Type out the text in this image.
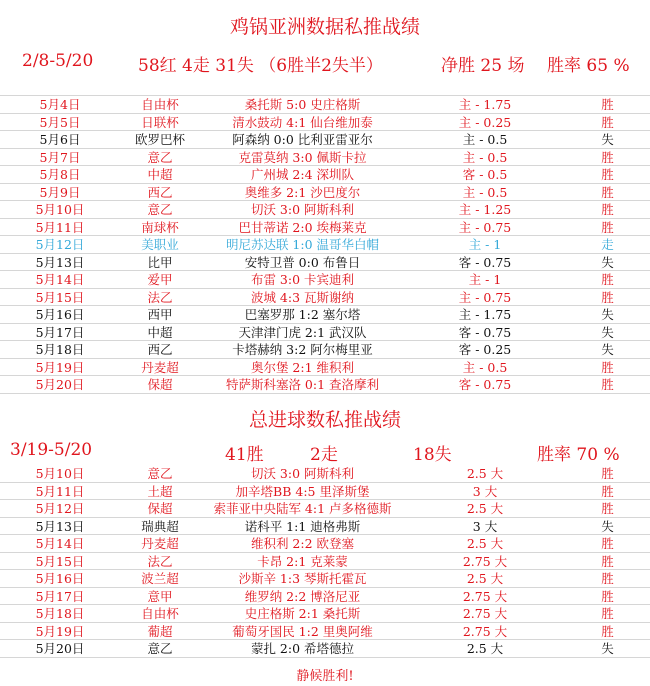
鸡锅亚洲数据私推战绩
2/8-5/20	58红 4走 31失 （6胜半2失半）	净胜 25 场 胜率 65 %
5月4日	自由杯	桑托斯 5:0 史庄格斯	主 - 1.75	胜
5月5日	日联杯	清水鼓动 4:1 仙台维加泰	主 - 0.25	胜
5月6日	欧罗巴杯	阿森纳 0:0 比利亚雷亚尔	主 - 0.5	失
5月7日	意乙	克雷莫纳 3:0 佩斯卡拉	主 - 0.5	胜
5月8日	中超	广州城 2:4 深圳队	客 - 0.5	胜
5月9日	西乙	奥维多 2:1 沙巴度尔	主 - 0.5	胜
5月10日	意乙	切沃 3:0 阿斯科利	主 - 1.25	胜
5月11日	南球杯	巴甘蒂诺 2:0 埃梅莱克	主 - 0.75	胜
5月12日	美职业	明尼苏达联 1:0 温哥华白帽	主 - 1	走
5月13日	比甲	安特卫普 0:0 布鲁日	客 - 0.75	失
5月14日	爱甲	布雷 3:0 卡宾迪利	主 - 1	胜
5月15日	法乙	波城 4:3 瓦斯谢纳	主 - 0.75	胜
5月16日	西甲	巴塞罗那 1:2 塞尔塔	主 - 1.75	失
5月17日	中超	天津津门虎 2:1 武汉队	客 - 0.75	失
5月18日	西乙	卡塔赫纳 3:2 阿尔梅里亚	客 - 0.25	失
5月19日	丹麦超	奥尔堡 2:1 维积利	主 - 0.5	胜
5月20日	保超	特萨斯科塞洛 0:1 查洛摩利	客 - 0.75	胜
总进球数私推战绩
3/19-5/20	41胜	2走	18失	胜率 70 %
5月10日	意乙	切沃 3:0 阿斯科利	2.5 大	胜
5月11日	土超	加辛塔BB 4:5 里泽斯堡	3 大	胜
5月12日	保超	索菲亚中央陆军 4:1 卢多格德斯	2.5 大	胜
5月13日	瑞典超	诺科平 1:1 迪格弗斯	3 大	失
5月14日	丹麦超	维积利 2:2 欧登塞	2.5 大	胜
5月15日	法乙	卡昂 2:1 克莱蒙	2.75 大	胜
5月16日	波兰超	沙斯辛 1:3 琴斯托霍瓦	2.5 大	胜
5月17日	意甲	维罗纳 2:2 博洛尼亚	2.75 大	胜
5月18日	自由杯	史庄格斯 2:1 桑托斯	2.75 大	胜
5月19日	葡超	葡萄牙国民 1:2 里奥阿维	2.75 大	胜
5月20日	意乙	蒙扎 2:0 希塔德拉	2.5 大	失
静候胜利!
